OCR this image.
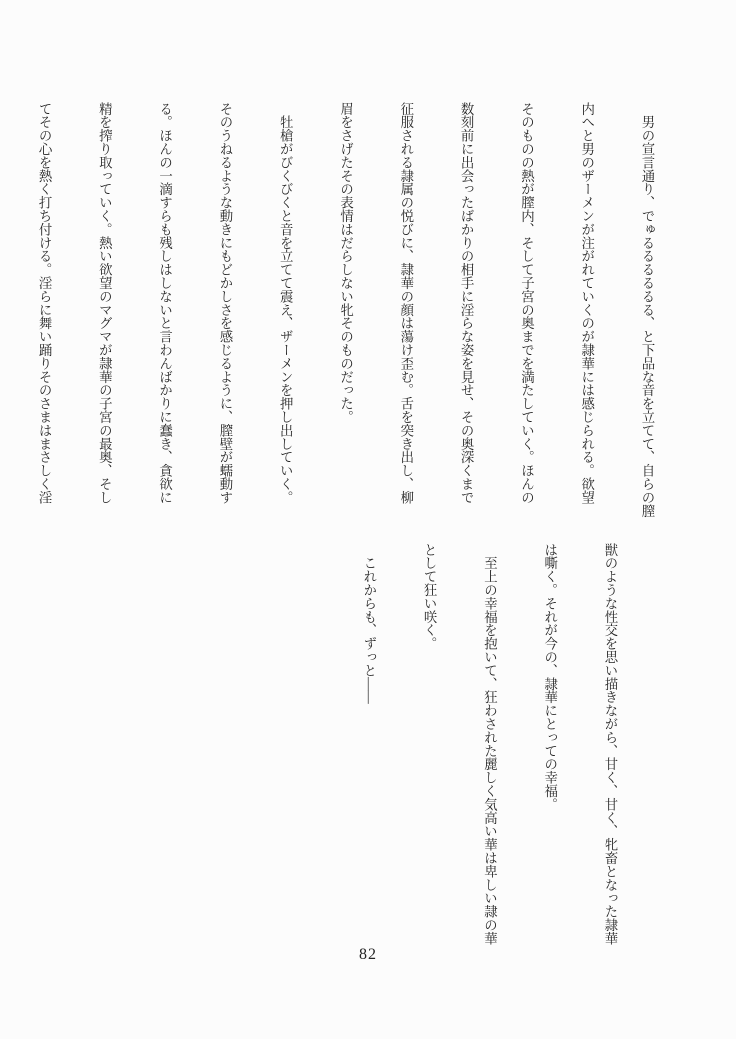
　男の宣言通り、でゅるるるるるる、と下品な音を立てて、自らの膣

内へと男のザーメンが注がれていくのが隷華には感じられる。欲望

そのものの熱が膣内、そして子宮の奥までを満たしていく。ほんの

数刻前に出会ったばかりの相手に淫らな姿を見せ、その奥深くまで

征服される隷属の悦びに、隷華の顔は蕩け歪む。舌を突き出し、柳

眉をさげたその表情はだらしない牝そのものだった。

　牡槍がびくびくと音を立てて震え、ザーメンを押し出していく。

そのうねるような動きにもどかしさを感じるように、膣壁が蠕動す

る。ほんの一滴すらも残しはしないと言わんばかりに蠢き、貪欲に

精を搾り取っていく。熱い欲望のマグマが隷華の子宮の最奥、そし

てその心を熱く打ち付ける。淫らに舞い踊りそのさまはまさしく淫

獣のような性交を思い描きながら、甘く、甘く、牝畜となった隷華

は嘶く。それが今の、隷華にとっての幸福。

　至上の幸福を抱いて、狂わされた麗しく気高い華は卑しい隷の華

として狂い咲く。

　これからも、ずっと――

82
